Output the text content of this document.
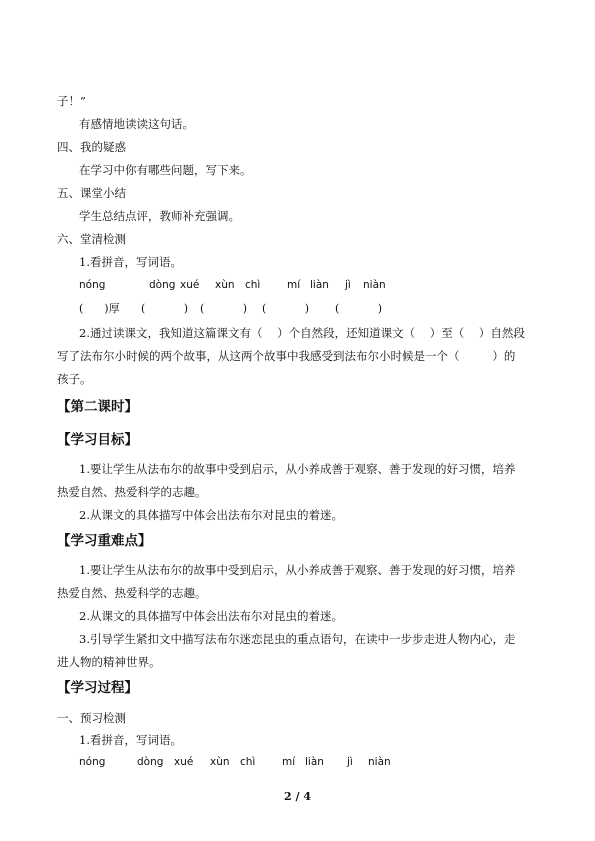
子！”
有感情地读读这句话。
四、我的疑惑
在学习中你有哪些问题，写下来。
五、课堂小结
学生总结点评，教师补充强调。
六、堂清检测
1.看拼音，写词语。
nóng	dòng xué xùn chì	mí liàn jì niàn
(      )厚 (           ) (           ) (           ) (           )
2.通过读课文，我知道这篇课文有（    ）个自然段，还知道课文（    ）至（    ）自然段
写了法布尔小时候的两个故事，从这两个故事中我感受到法布尔小时候是一个（         ）的
孩子。
【第二课时】
【学习目标】
1.要让学生从法布尔的故事中受到启示，从小养成善于观察、善于发现的好习惯，培养
热爱自然、热爱科学的志趣。
2.从课文的具体描写中体会出法布尔对昆虫的着迷。
【学习重难点】
1.要让学生从法布尔的故事中受到启示，从小养成善于观察、善于发现的好习惯，培养
热爱自然、热爱科学的志趣。
2.从课文的具体描写中体会出法布尔对昆虫的着迷。
3.引导学生紧扣文中描写法布尔迷恋昆虫的重点语句，在读中一步步走进人物内心，走
进人物的精神世界。
【学习过程】
一、预习检测
1.看拼音，写词语。
nóng	dòng xué xùn chì	mí liàn jì niàn
2 / 4
